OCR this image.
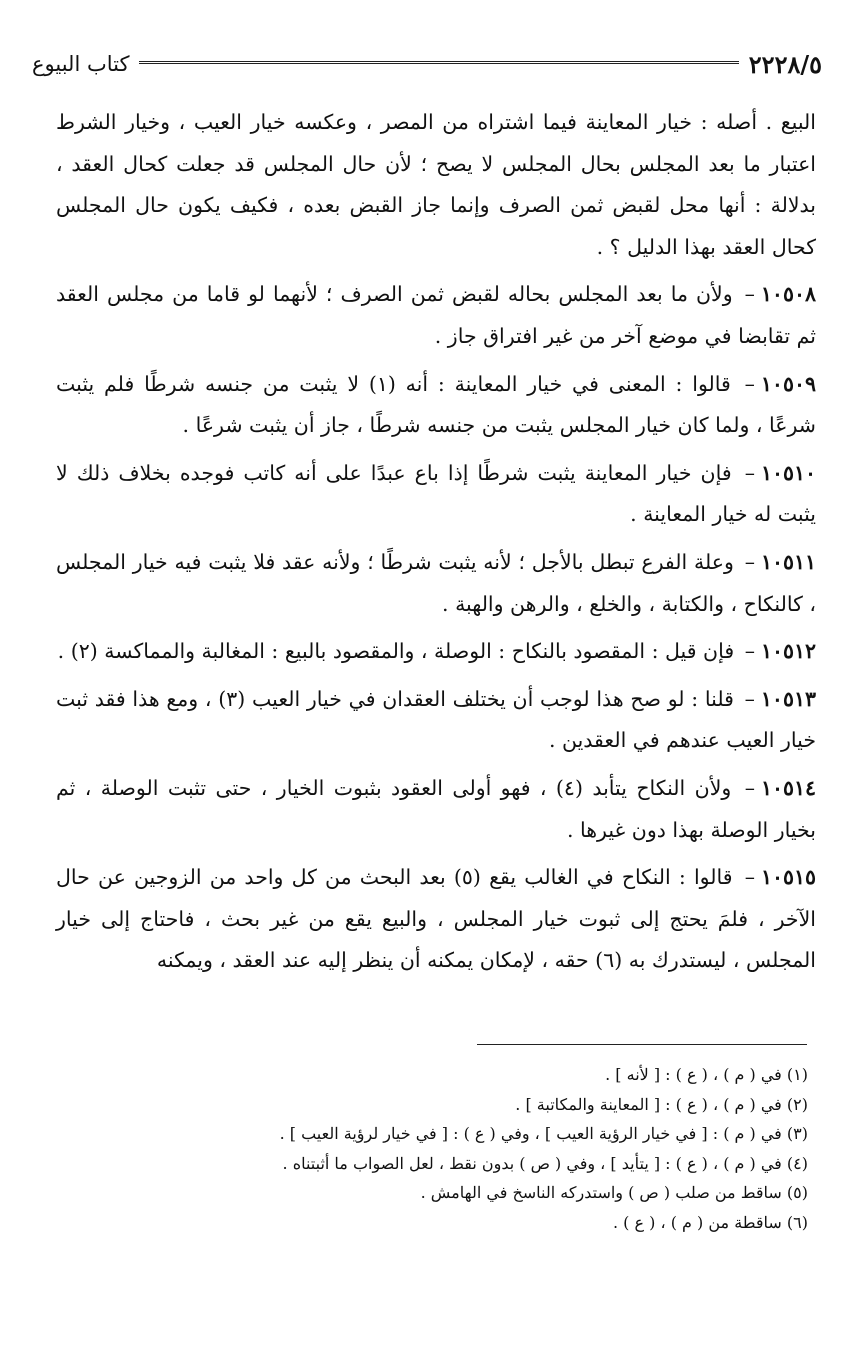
٢٢٢٨/٥
كتاب البيوع

البيع . أصله : خيار المعاينة فيما اشتراه من المصر ، وعكسه خيار العيب ، وخيار الشرط اعتبار ما بعد المجلس بحال المجلس لا يصح ؛ لأن حال المجلس قد جعلت كحال العقد ، بدلالة : أنها محل لقبض ثمن الصرف وإنما جاز القبض بعده ، فكيف يكون حال المجلس كحال العقد بهذا الدليل ؟ .

١٠٥٠٨– ولأن ما بعد المجلس بحاله لقبض ثمن الصرف ؛ لأنهما لو قاما من مجلس العقد ثم تقابضا في موضع آخر من غير افتراق جاز .

١٠٥٠٩– قالوا : المعنى في خيار المعاينة : أنه (١) لا يثبت من جنسه شرطًا فلم يثبت شرعًا ، ولما كان خيار المجلس يثبت من جنسه شرطًا ، جاز أن يثبت شرعًا .

١٠٥١٠– فإن خيار المعاينة يثبت شرطًا إذا باع عبدًا على أنه كاتب فوجده بخلاف ذلك لا يثبت له خيار المعاينة .

١٠٥١١– وعلة الفرع تبطل بالأجل ؛ لأنه يثبت شرطًا ؛ ولأنه عقد فلا يثبت فيه خيار المجلس ، كالنكاح ، والكتابة ، والخلع ، والرهن والهبة .

١٠٥١٢– فإن قيل : المقصود بالنكاح : الوصلة ، والمقصود بالبيع : المغالبة والمماكسة (٢) .

١٠٥١٣– قلنا : لو صح هذا لوجب أن يختلف العقدان في خيار العيب (٣) ، ومع هذا فقد ثبت خيار العيب عندهم في العقدين .

١٠٥١٤– ولأن النكاح يتأبد (٤) ، فهو أولى العقود بثبوت الخيار ، حتى تثبت الوصلة ، ثم بخيار الوصلة بهذا دون غيرها .

١٠٥١٥– قالوا : النكاح في الغالب يقع (٥) بعد البحث من كل واحد من الزوجين عن حال الآخر ، فلمَ يحتج إلى ثبوت خيار المجلس ، والبيع يقع من غير بحث ، فاحتاج إلى خيار المجلس ، ليستدرك به (٦) حقه ، لإمكان يمكنه أن ينظر إليه عند العقد ، ويمكنه

(١) في ( م ) ، ( ع ) : [ لأنه ] .

(٢) في ( م ) ، ( ع ) : [ المعاينة والمكاتبة ] .

(٣) في ( م ) : [ في خيار الرؤية العيب ] ، وفي ( ع ) : [ في خيار لرؤية العيب ] .

(٤) في ( م ) ، ( ع ) : [ يتأيد ] ، وفي ( ص ) بدون نقط ، لعل الصواب ما أثبتناه .

(٥) ساقط من صلب ( ص ) واستدركه الناسخ في الهامش .

(٦) ساقطة من ( م ) ، ( ع ) .
